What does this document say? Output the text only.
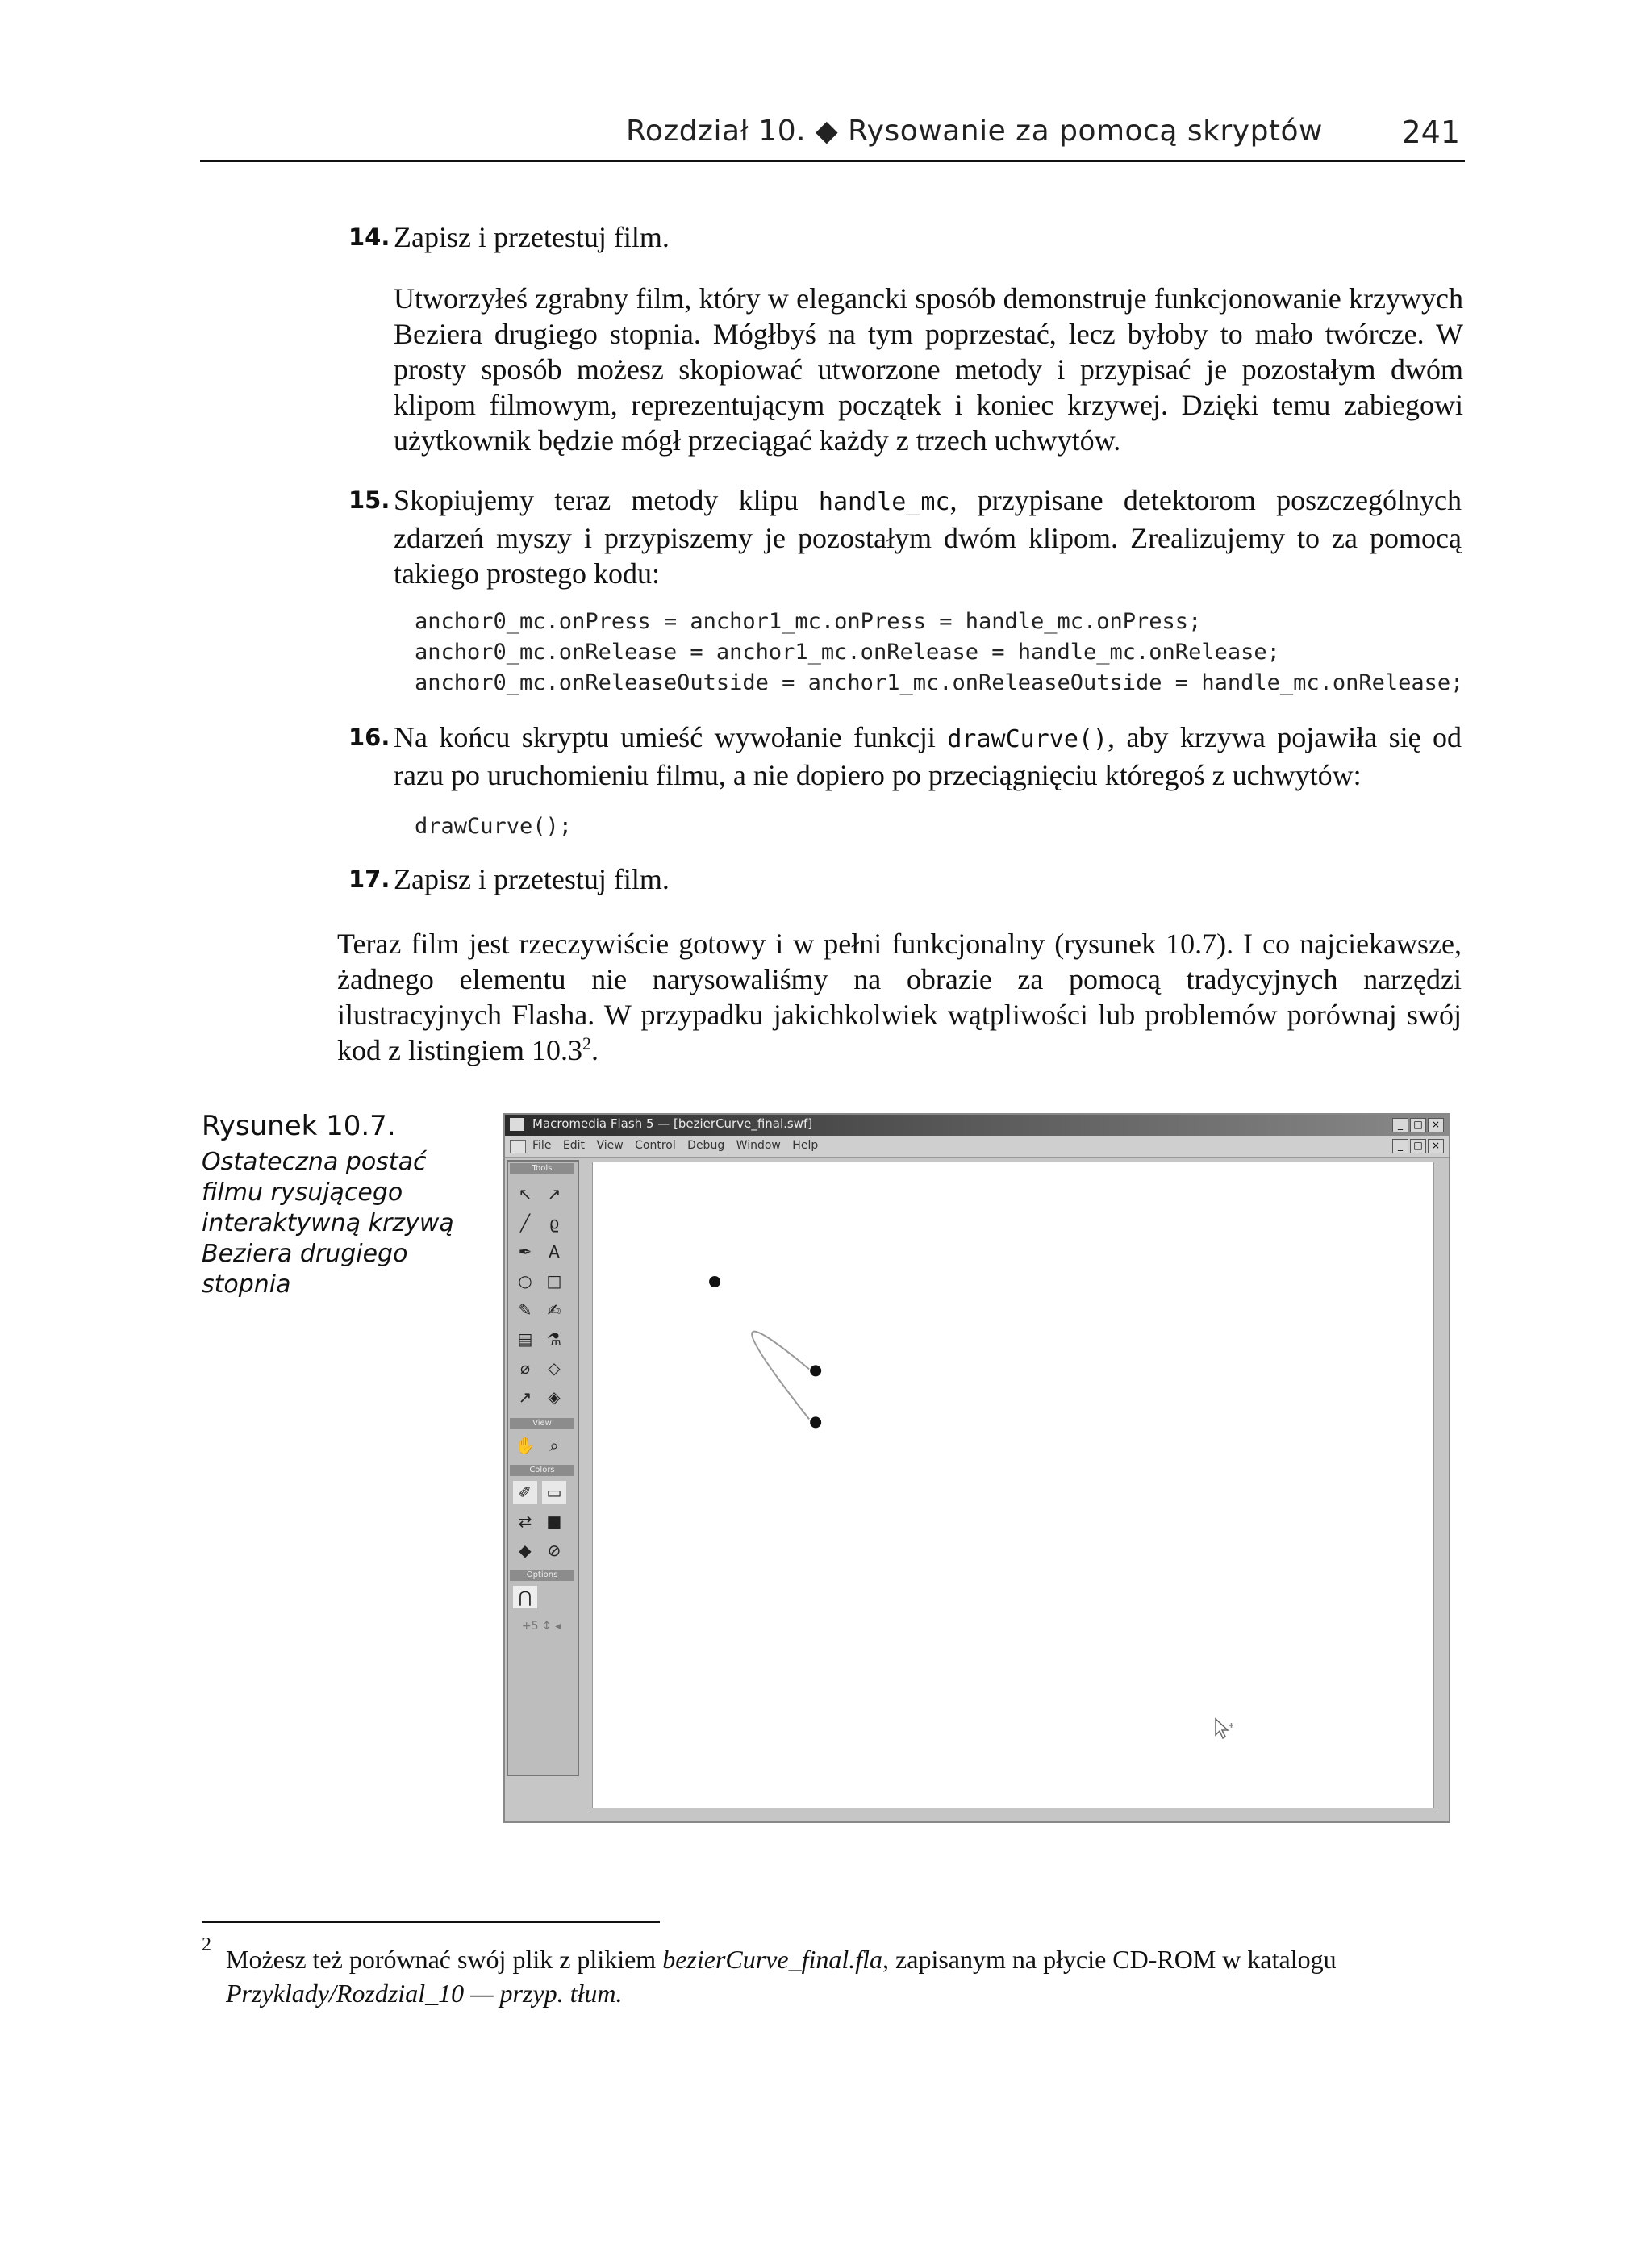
Rozdział 10. ◆ Rysowanie za pomocą skryptów	241
14. Zapisz i przetestuj film.
Utworzyłeś zgrabny film, który w elegancki sposób demonstruje funkcjonowanie krzywych Beziera drugiego stopnia. Mógłbyś na tym poprzestać, lecz byłoby to mało twórcze. W prosty sposób możesz skopiować utworzone metody i przypisać je pozostałym dwóm klipom filmowym, reprezentującym początek i koniec krzywej. Dzięki temu zabiegowi użytkownik będzie mógł przeciągać każdy z trzech uchwytów.
15. Skopiujemy teraz metody klipu handle_mc, przypisane detektorom poszczególnych zdarzeń myszy i przypiszemy je pozostałym dwóm klipom. Zrealizujemy to za pomocą takiego prostego kodu:
anchor0_mc.onPress = anchor1_mc.onPress = handle_mc.onPress;
anchor0_mc.onRelease = anchor1_mc.onRelease = handle_mc.onRelease;
anchor0_mc.onReleaseOutside = anchor1_mc.onReleaseOutside = handle_mc.onRelease;
16. Na końcu skryptu umieść wywołanie funkcji drawCurve(), aby krzywa pojawiła się od razu po uruchomieniu filmu, a nie dopiero po przeciągnięciu któregoś z uchwytów:
drawCurve();
17. Zapisz i przetestuj film.
Teraz film jest rzeczywiście gotowy i w pełni funkcjonalny (rysunek 10.7). I co najciekawsze, żadnego elementu nie narysowaliśmy na obrazie za pomocą tradycyjnych narzędzi ilustracyjnych Flasha. W przypadku jakichkolwiek wątpliwości lub problemów porównaj swój kod z listingiem 10.3$^2$.
Rysunek 10.7.
Ostateczna postać filmu rysującego interaktywną krzywą Beziera drugiego stopnia
Macromedia Flash 5 — [bezierCurve_final.swf]	_	□ ×
File Edit View Control Debug Window Help	_	□ ×
Tools
↖ ↗
╱	ϱ
✒	A
○ □
✎ ✍
▤ ⚗
⌀	◇
↗ ◈
View
✋ ⌕
Colors
✐ ▭
⇄ ■
◆ ⊘
Options
⋂
+5 ↕ ◂
2 Możesz też porównać swój plik z plikiem bezierCurve_final.fla, zapisanym na płycie CD-ROM w katalogu Przyklady/Rozdzial_10 — przyp. tłum.
